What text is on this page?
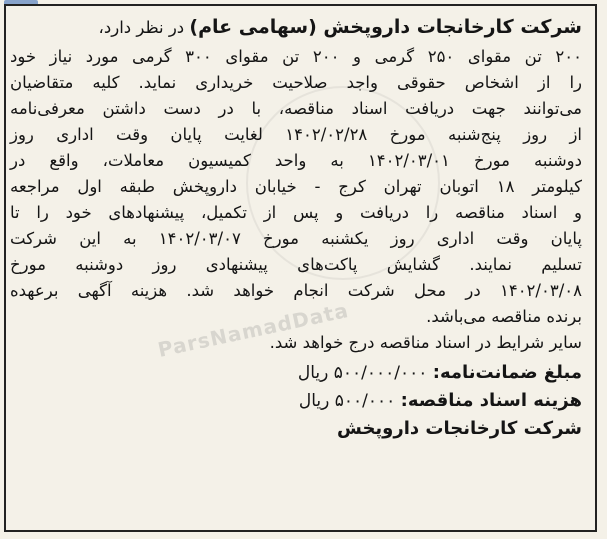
ParsNamadData
شرکت کارخانجات داروپخش (سهامی عام) در نظر دارد،
۲۰۰ تن مقوای ۲۵۰ گرمی و ۲۰۰ تن مقوای ۳۰۰ گرمی مورد نیاز خود
را از اشخاص حقوقی واجد صلاحیت خریداری نماید. کلیه متقاضیان
می‌توانند جهت دریافت اسناد مناقصه، با در دست داشتن معرفی‌نامه
از روز پنج‌شنبه مورخ ۱۴۰۲/۰۲/۲۸ لغایت پایان وقت اداری روز
دوشنبه مورخ ۱۴۰۲/۰۳/۰۱ به واحد کمیسیون معاملات، واقع در
کیلومتر ۱۸ اتوبان تهران کرج - خیابان داروپخش طبقه اول مراجعه
و اسناد مناقصه را دریافت و پس از تکمیل، پیشنهادهای خود را تا
پایان وقت اداری روز یکشنبه مورخ ۱۴۰۲/۰۳/۰۷ به این شرکت
تسلیم نمایند. گشایش پاکت‌های پیشنهادی روز دوشنبه مورخ
۱۴۰۲/۰۳/۰۸ در محل شرکت انجام خواهد شد. هزینه آگهی برعهده
برنده مناقصه می‌باشد.
سایر شرایط در اسناد مناقصه درج خواهد شد.
مبلغ ضمانت‌نامه: ۵۰۰/۰۰۰/۰۰۰ ریال
هزینه اسناد مناقصه: ۵۰۰/۰۰۰ ریال
شرکت کارخانجات داروپخش
